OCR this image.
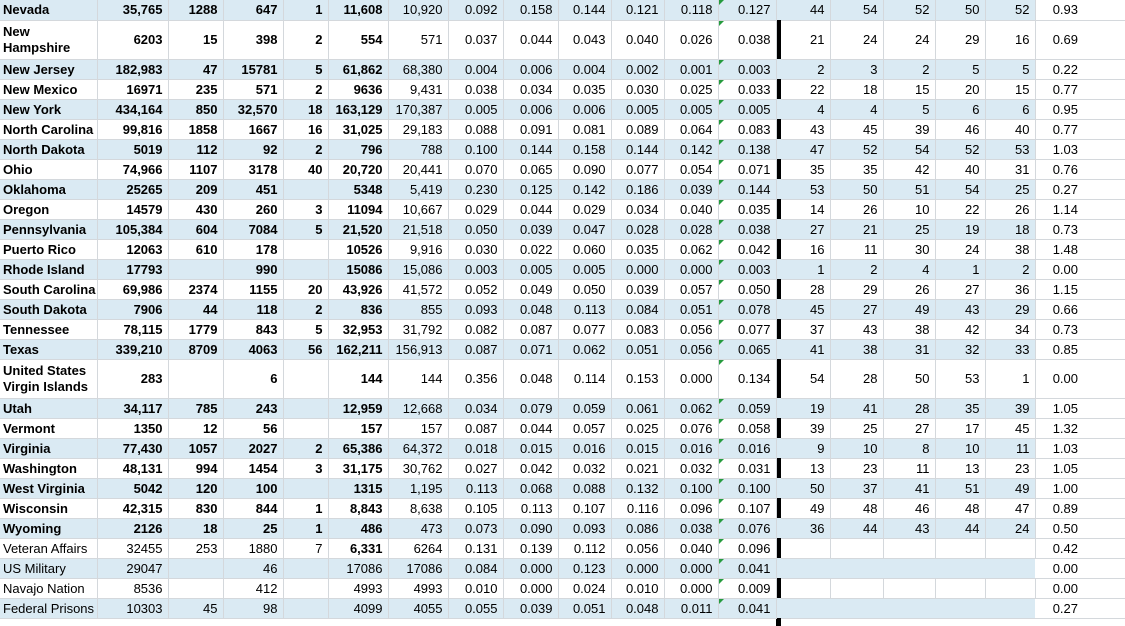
Nevada	35,765	1288	647	1	11,608	10,920	0.092	0.158	0.144	0.121	0.118	0.127		44	54	52	50	52	0.93	
New Hampshire	6203	15	398	2	554	571	0.037	0.044	0.043	0.040	0.026	0.038		21	24	24	29	16	0.69	
New Jersey	182,983	47	15781	5	61,862	68,380	0.004	0.006	0.004	0.002	0.001	0.003		2	3	2	5	5	0.22	
New Mexico	16971	235	571	2	9636	9,431	0.038	0.034	0.035	0.030	0.025	0.033		22	18	15	20	15	0.77	
New York	434,164	850	32,570	18	163,129	170,387	0.005	0.006	0.006	0.005	0.005	0.005		4	4	5	6	6	0.95	
North Carolina	99,816	1858	1667	16	31,025	29,183	0.088	0.091	0.081	0.089	0.064	0.083		43	45	39	46	40	0.77	
North Dakota	5019	112	92	2	796	788	0.100	0.144	0.158	0.144	0.142	0.138		47	52	54	52	53	1.03	
Ohio	74,966	1107	3178	40	20,720	20,441	0.070	0.065	0.090	0.077	0.054	0.071		35	35	42	40	31	0.76	
Oklahoma	25265	209	451		5348	5,419	0.230	0.125	0.142	0.186	0.039	0.144		53	50	51	54	25	0.27	
Oregon	14579	430	260	3	11094	10,667	0.029	0.044	0.029	0.034	0.040	0.035		14	26	10	22	26	1.14	
Pennsylvania	105,384	604	7084	5	21,520	21,518	0.050	0.039	0.047	0.028	0.028	0.038		27	21	25	19	18	0.73	
Puerto Rico	12063	610	178		10526	9,916	0.030	0.022	0.060	0.035	0.062	0.042		16	11	30	24	38	1.48	
Rhode Island	17793		990		15086	15,086	0.003	0.005	0.005	0.000	0.000	0.003		1	2	4	1	2	0.00	
South Carolina	69,986	2374	1155	20	43,926	41,572	0.052	0.049	0.050	0.039	0.057	0.050		28	29	26	27	36	1.15	
South Dakota	7906	44	118	2	836	855	0.093	0.048	0.113	0.084	0.051	0.078		45	27	49	43	29	0.66	
Tennessee	78,115	1779	843	5	32,953	31,792	0.082	0.087	0.077	0.083	0.056	0.077		37	43	38	42	34	0.73	
Texas	339,210	8709	4063	56	162,211	156,913	0.087	0.071	0.062	0.051	0.056	0.065		41	38	31	32	33	0.85	
United States Virgin Islands	283		6		144	144	0.356	0.048	0.114	0.153	0.000	0.134		54	28	50	53	1	0.00	
Utah	34,117	785	243		12,959	12,668	0.034	0.079	0.059	0.061	0.062	0.059		19	41	28	35	39	1.05	
Vermont	1350	12	56		157	157	0.087	0.044	0.057	0.025	0.076	0.058		39	25	27	17	45	1.32	
Virginia	77,430	1057	2027	2	65,386	64,372	0.018	0.015	0.016	0.015	0.016	0.016		9	10	8	10	11	1.03	
Washington	48,131	994	1454	3	31,175	30,762	0.027	0.042	0.032	0.021	0.032	0.031		13	23	11	13	23	1.05	
West Virginia	5042	120	100		1315	1,195	0.113	0.068	0.088	0.132	0.100	0.100		50	37	41	51	49	1.00	
Wisconsin	42,315	830	844	1	8,843	8,638	0.105	0.113	0.107	0.116	0.096	0.107		49	48	46	48	47	0.89	
Wyoming	2126	18	25	1	486	473	0.073	0.090	0.093	0.086	0.038	0.076		36	44	43	44	24	0.50	
Veteran Affairs	32455	253	1880	7	6,331	6264	0.131	0.139	0.112	0.056	0.040	0.096							0.42	
US Military	29047		46		17086	17086	0.084	0.000	0.123	0.000	0.000	0.041							0.00	
Navajo Nation	8536		412		4993	4993	0.010	0.000	0.024	0.010	0.000	0.009							0.00	
Federal Prisons	10303	45	98		4099	4055	0.055	0.039	0.051	0.048	0.011	0.041							0.27	
